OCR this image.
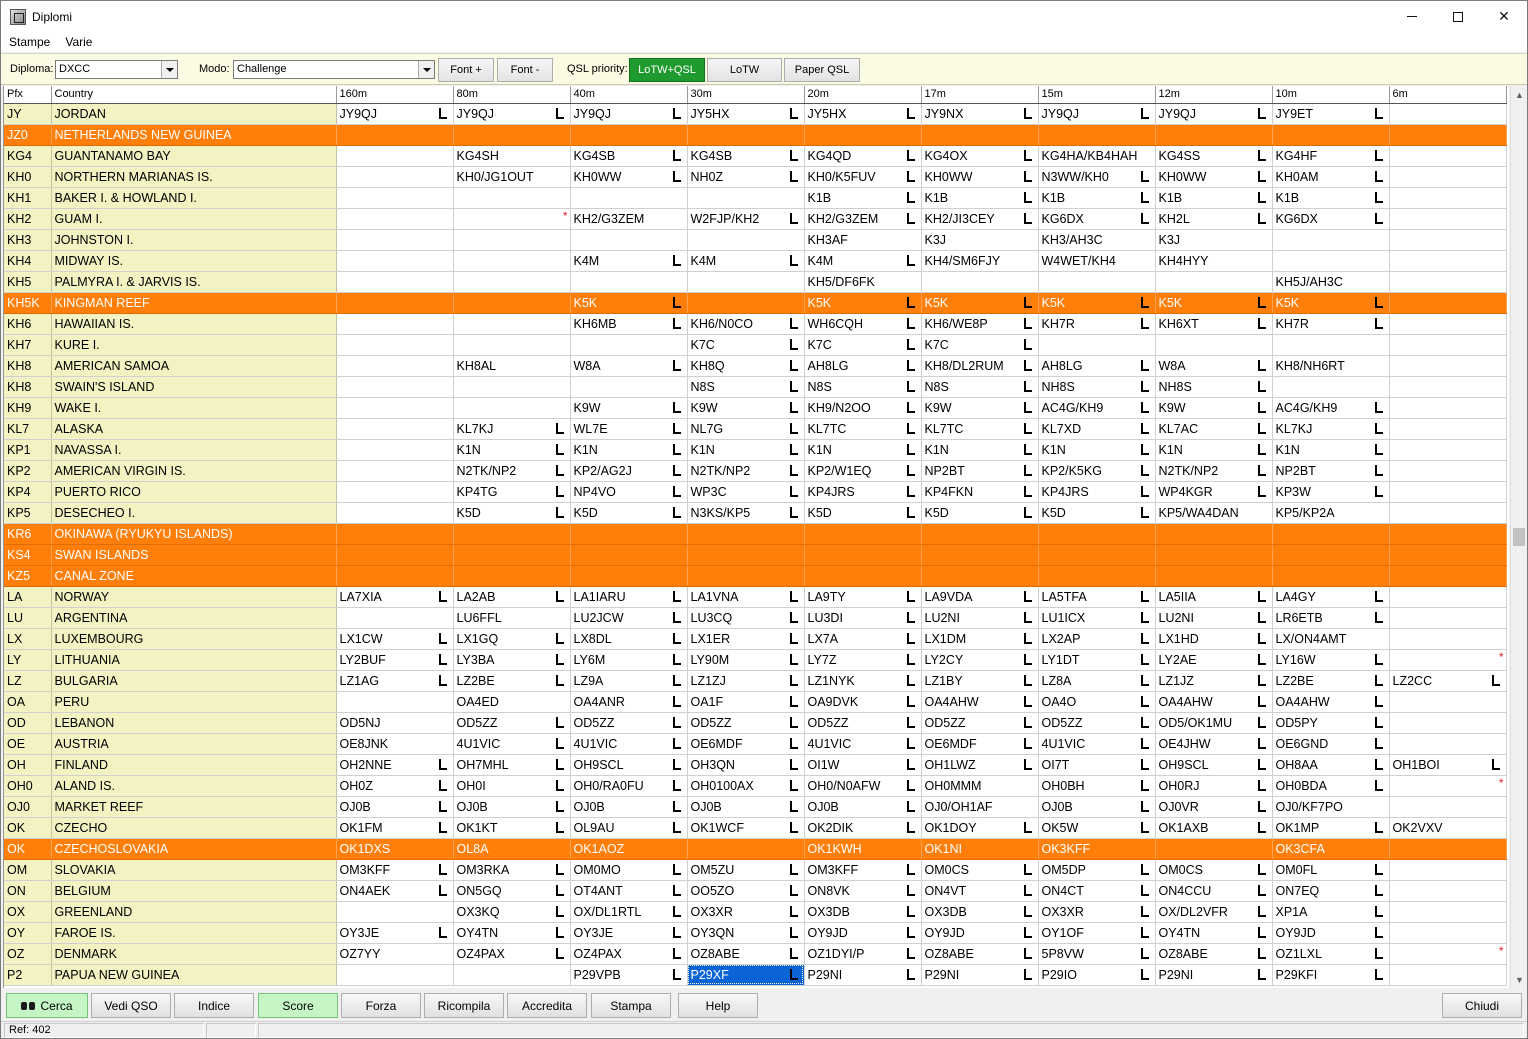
Diplomi	✕
Stampe	Varie
Diploma: DXCC	Modo: Challenge	Font +	Font -	QSL priority: LoTW+QSL	LoTW	Paper QSL
Pfx	Country	160m	80m	40m	30m	20m	17m	15m	12m	10m	6m
JY	JORDAN	JY9QJ	JY9QJ	JY9QJ	JY5HX	JY5HX	JY9NX	JY9QJ	JY9QJ	JY9ET

JZ0	NETHERLANDS NEW GUINEA										
KG4	GUANTANAMO BAY		KG4SH	KG4SB	KG4SB	KG4QD	KG4OX	KG4HA/KB4HAH	KG4SS	KG4HF

KH0	NORTHERN MARIANAS IS.		KH0/JG1OUT	KH0WW	NH0Z	KH0/K5FUV	KH0WW	N3WW/KH0	KH0WW	KH0AM

KH1	BAKER I. & HOWLAND I.					K1B	K1B	K1B	K1B	K1B

KH2	GUAM I.		*	KH2/G3ZEM	W2FJP/KH2	KH2/G3ZEM	KH2/JI3CEY	KG6DX	KH2L	KG6DX

KH3	JOHNSTON I.					KH3AF	K3J	KH3/AH3C	K3J		
KH4	MIDWAY IS.			K4M	K4M	K4M	KH4/SM6FJY	W4WET/KH4	KH4HYY		
KH5	PALMYRA I. & JARVIS IS.					KH5/DF6FK				KH5J/AH3C	
KH5K	KINGMAN REEF			K5K		K5K	K5K	K5K	K5K	K5K

KH6	HAWAIIAN IS.			KH6MB	KH6/N0CO	WH6CQH	KH6/WE8P	KH7R	KH6XT	KH7R

KH7	KURE I.				K7C	K7C	K7C

KH8	AMERICAN SAMOA		KH8AL	W8A	KH8Q	AH8LG	KH8/DL2RUM	AH8LG	W8A	KH8/NH6RT	
KH8	SWAIN'S ISLAND				N8S	N8S	N8S	NH8S	NH8S

KH9	WAKE I.			K9W	K9W	KH9/N2OO	K9W	AC4G/KH9	K9W	AC4G/KH9

KL7	ALASKA		KL7KJ	WL7E	NL7G	KL7TC	KL7TC	KL7XD	KL7AC	KL7KJ

KP1	NAVASSA I.		K1N	K1N	K1N	K1N	K1N	K1N	K1N	K1N

KP2	AMERICAN VIRGIN IS.		N2TK/NP2	KP2/AG2J	N2TK/NP2	KP2/W1EQ	NP2BT	KP2/K5KG	N2TK/NP2	NP2BT

KP4	PUERTO RICO		KP4TG	NP4VO	WP3C	KP4JRS	KP4FKN	KP4JRS	WP4KGR	KP3W

KP5	DESECHEO I.		K5D	K5D	N3KS/KP5	K5D	K5D	K5D	KP5/WA4DAN	KP5/KP2A	
KR6	OKINAWA (RYUKYU ISLANDS)										
KS4	SWAN ISLANDS										
KZ5	CANAL ZONE										
LA	NORWAY	LA7XIA	LA2AB	LA1IARU	LA1VNA	LA9TY	LA9VDA	LA5TFA	LA5IIA	LA4GY

LU	ARGENTINA		LU6FFL	LU2JCW	LU3CQ	LU3DI	LU2NI	LU1ICX	LU2NI	LR6ETB

LX	LUXEMBOURG	LX1CW	LX1GQ	LX8DL	LX1ER	LX7A	LX1DM	LX2AP	LX1HD	LX/ON4AMT	
LY	LITHUANIA	LY2BUF	LY3BA	LY6M	LY90M	LY7Z	LY2CY	LY1DT	LY2AE	LY16W	*

LZ	BULGARIA	LZ1AG	LZ2BE	LZ9A	LZ1ZJ	LZ1NYK	LZ1BY	LZ8A	LZ1JZ	LZ2BE	LZ2CC

OA	PERU		OA4ED	OA4ANR	OA1F	OA9DVK	OA4AHW	OA4O	OA4AHW	OA4AHW

OD	LEBANON	OD5NJ	OD5ZZ	OD5ZZ	OD5ZZ	OD5ZZ	OD5ZZ	OD5ZZ	OD5/OK1MU	OD5PY

OE	AUSTRIA	OE8JNK	4U1VIC	4U1VIC	OE6MDF	4U1VIC	OE6MDF	4U1VIC	OE4JHW	OE6GND

OH	FINLAND	OH2NNE	OH7MHL	OH9SCL	OH3QN	OI1W	OH1LWZ	OI7T	OH9SCL	OH8AA	OH1BOI

OH0	ALAND IS.	OH0Z	OH0I	OH0/RA0FU	OH0100AX	OH0/N0AFW	OH0MMM	OH0BH	OH0RJ	OH0BDA	*

OJ0	MARKET REEF	OJ0B	OJ0B	OJ0B	OJ0B	OJ0B	OJ0/OH1AF	OJ0B	OJ0VR	OJ0/KF7PO	
OK	CZECHO	OK1FM	OK1KT	OL9AU	OK1WCF	OK2DIK	OK1DOY	OK5W	OK1AXB	OK1MP	OK2VXV
OK	CZECHOSLOVAKIA	OK1DXS	OL8A	OK1AOZ		OK1KWH	OK1NI	OK3KFF		OK3CFA	
OM	SLOVAKIA	OM3KFF	OM3RKA	OM0MO	OM5ZU	OM3KFF	OM0CS	OM5DP	OM0CS	OM0FL

ON	BELGIUM	ON4AEK	ON5GQ	OT4ANT	OO5ZO	ON8VK	ON4VT	ON4CT	ON4CCU	ON7EQ

OX	GREENLAND		OX3KQ	OX/DL1RTL	OX3XR	OX3DB	OX3DB	OX3XR	OX/DL2VFR	XP1A

OY	FAROE IS.	OY3JE	OY4TN	OY3JE	OY3QN	OY9JD	OY9JD	OY1OF	OY4TN	OY9JD

OZ	DENMARK	OZ7YY	OZ4PAX	OZ4PAX	OZ8ABE	OZ1DYI/P	OZ8ABE	5P8VW	OZ8ABE	OZ1LXL	*

P2	PAPUA NEW GUINEA			P29VPB	P29XF	P29NI	P29NI	P29IO	P29NI	P29KFI

▲
▼
Cerca	Vedi QSO	Indice	Score	Forza	Ricompila	Accredita	Stampa	Help	Chiudi
Ref: 402
